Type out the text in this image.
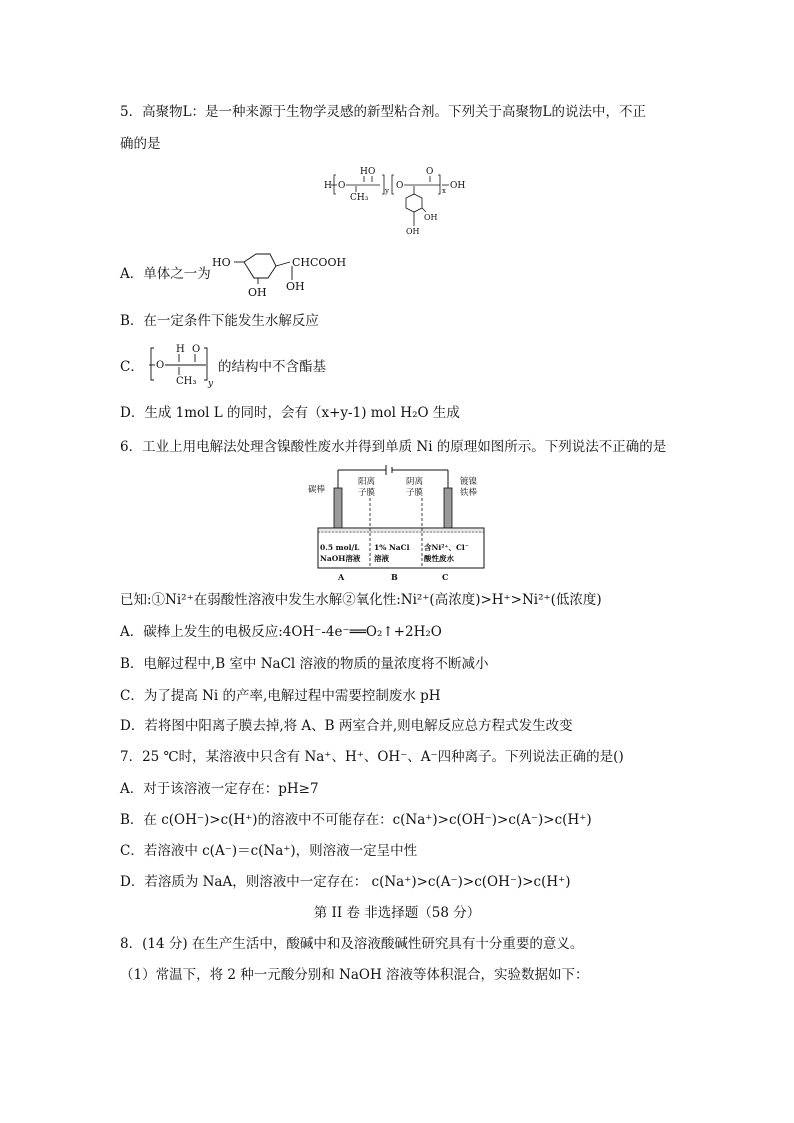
5．高聚物L：是一种来源于生物学灵感的新型粘合剂。下列关于高聚物L的说法中，不正
确的是
H O
H O
CH₃
y O
O
OH
x
OH
OH
A．单体之一为
HO	CHCOOH
OH OH
B．在一定条件下能发生水解反应
C． O
H O
CH₃ y
的结构中不含酯基
D．生成 1mol L 的同时，会有（x+y-1) mol H₂O 生成
6．工业上用电解法处理含镍酸性废水并得到单质 Ni 的原理如图所示。下列说法不正确的是
碳棒
阳离
子膜
阴离
子膜
镀镍
铁棒
0.5 mol/L
NaOH溶液
1% NaCl
溶液
含Ni²⁺、Cl⁻
酸性废水
A	B	C
已知:①Ni²⁺在弱酸性溶液中发生水解②氧化性:Ni²⁺(高浓度)>H⁺>Ni²⁺(低浓度)
A．碳棒上发生的电极反应:4OH⁻-4e⁻══O₂↑+2H₂O
B．电解过程中,B 室中 NaCl 溶液的物质的量浓度将不断减小
C．为了提高 Ni 的产率,电解过程中需要控制废水 pH
D．若将图中阳离子膜去掉,将 A、B 两室合并,则电解反应总方程式发生改变
7．25 ℃时，某溶液中只含有 Na⁺、H⁺、OH⁻、A⁻四种离子。下列说法正确的是()
A．对于该溶液一定存在：pH≥7
B．在 c(OH⁻)>c(H⁺)的溶液中不可能存在：c(Na⁺)>c(OH⁻)>c(A⁻)>c(H⁺)
C．若溶液中 c(A⁻)＝c(Na⁺)，则溶液一定呈中性
D．若溶质为 NaA，则溶液中一定存在： c(Na⁺)>c(A⁻)>c(OH⁻)>c(H⁺)
第 II 卷 非选择题（58 分）
8．(14 分) 在生产生活中，酸碱中和及溶液酸碱性研究具有十分重要的意义。
（1）常温下，将 2 种一元酸分别和 NaOH 溶液等体积混合，实验数据如下：
